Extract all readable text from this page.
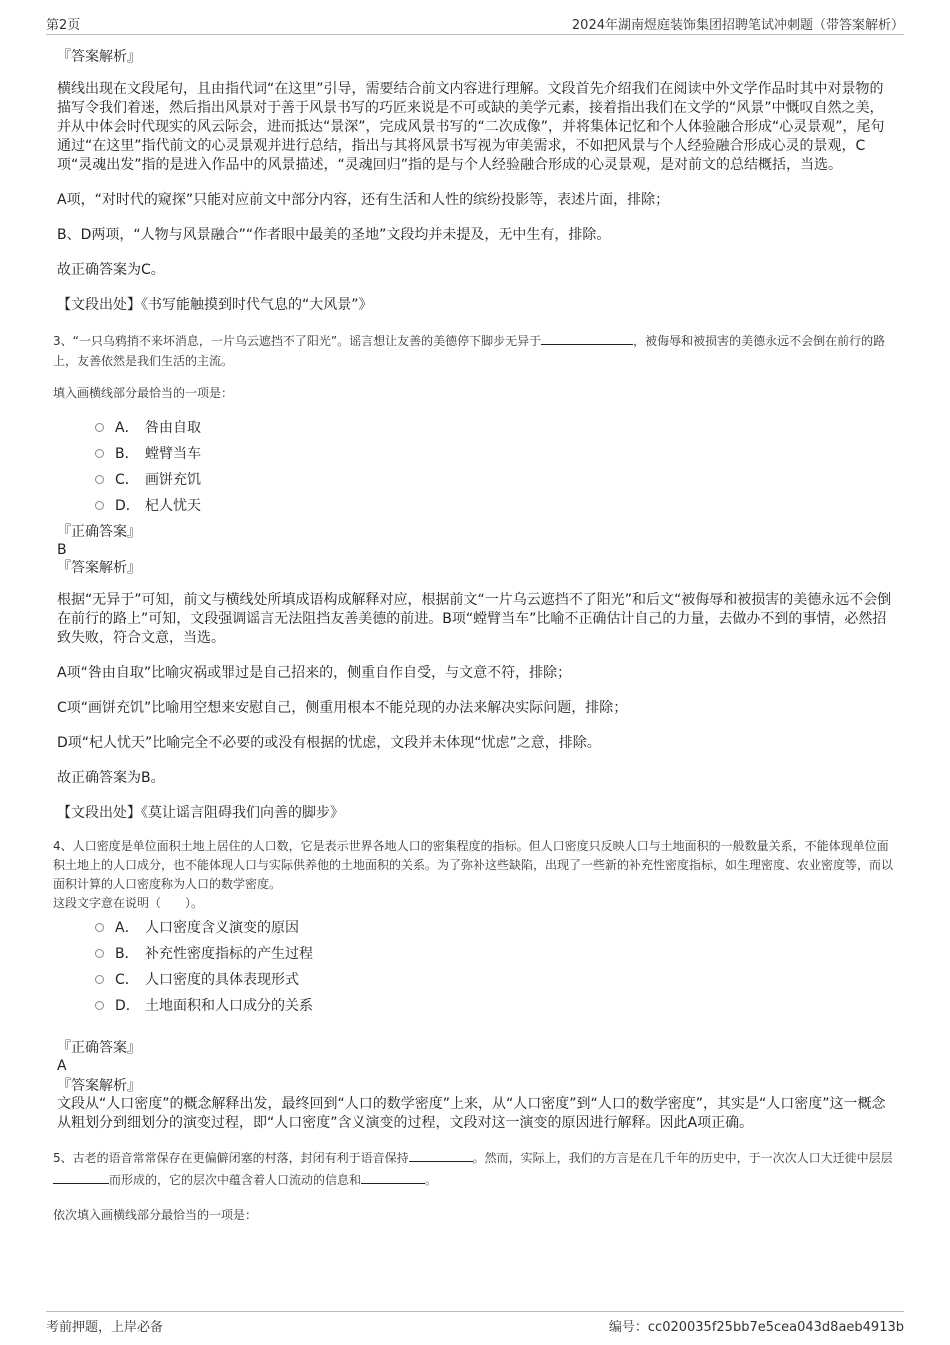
第2页	2024年湖南煜庭装饰集团招聘笔试冲刺题（带答案解析）

『答案解析』

横线出现在文段尾句，且由指代词“在这里”引导，需要结合前文内容进行理解。文段首先介绍我们在阅读中外文学作品时其中对景物的描写令我们着迷，然后指出风景对于善于风景书写的巧匠来说是不可或缺的美学元素，接着指出我们在文学的“风景”中慨叹自然之美，并从中体会时代现实的风云际会，进而抵达“景深”，完成风景书写的“二次成像”，并将集体记忆和个人体验融合形成“心灵景观”，尾句通过“在这里”指代前文的心灵景观并进行总结，指出与其将风景书写视为审美需求，不如把风景与个人经验融合形成心灵的景观，C项“灵魂出发”指的是进入作品中的风景描述，“灵魂回归”指的是与个人经验融合形成的心灵景观，是对前文的总结概括，当选。

A项，“对时代的窥探”只能对应前文中部分内容，还有生活和人性的缤纷投影等，表述片面，排除；

B、D两项，“人物与风景融合”“作者眼中最美的圣地”文段均并未提及，无中生有，排除。

故正确答案为C。

【文段出处】《书写能触摸到时代气息的“大风景”》

3、“一只乌鸦捎不来坏消息，一片乌云遮挡不了阳光”。谣言想让友善的美德停下脚步无异于	，被侮辱和被损害的美德永远不会倒在前行的路上，友善依然是我们生活的主流。

填入画横线部分最恰当的一项是：

A． 咎由自取
B． 螳臂当车
C． 画饼充饥
D． 杞人忧天

『正确答案』

B

『答案解析』

根据“无异于”可知，前文与横线处所填成语构成解释对应，根据前文“一片乌云遮挡不了阳光”和后文“被侮辱和被损害的美德永远不会倒在前行的路上”可知，文段强调谣言无法阻挡友善美德的前进。B项“螳臂当车”比喻不正确估计自己的力量，去做办不到的事情，必然招致失败，符合文意，当选。

A项“咎由自取”比喻灾祸或罪过是自己招来的，侧重自作自受，与文意不符，排除；

C项“画饼充饥”比喻用空想来安慰自己，侧重用根本不能兑现的办法来解决实际问题，排除；

D项“杞人忧天”比喻完全不必要的或没有根据的忧虑，文段并未体现“忧虑”之意，排除。

故正确答案为B。

【文段出处】《莫让谣言阻碍我们向善的脚步》

4、人口密度是单位面积土地上居住的人口数，它是表示世界各地人口的密集程度的指标。但人口密度只反映人口与土地面积的一般数量关系，不能体现单位面积土地上的人口成分，也不能体现人口与实际供养他的土地面积的关系。为了弥补这些缺陷，出现了一些新的补充性密度指标，如生理密度、农业密度等，而以面积计算的人口密度称为人口的数学密度。

这段文字意在说明（　　）。

A． 人口密度含义演变的原因
B． 补充性密度指标的产生过程
C． 人口密度的具体表现形式
D． 土地面积和人口成分的关系

『正确答案』

A

『答案解析』

文段从“人口密度”的概念解释出发，最终回到“人口的数学密度”上来，从“人口密度”到“人口的数学密度”，其实是“人口密度”这一概念从粗划分到细划分的演变过程，即“人口密度”含义演变的过程，文段对这一演变的原因进行解释。因此A项正确。

5、古老的语音常常保存在更偏僻闭塞的村落，封闭有利于语音保持	。然而，实际上，我们的方言是在几千年的历史中，于一次次人口大迁徙中层层而形成的，它的层次中蕴含着人口流动的信息和	。

依次填入画横线部分最恰当的一项是：

考前押题，上岸必备	编号：cc020035f25bb7e5cea043d8aeb4913b
